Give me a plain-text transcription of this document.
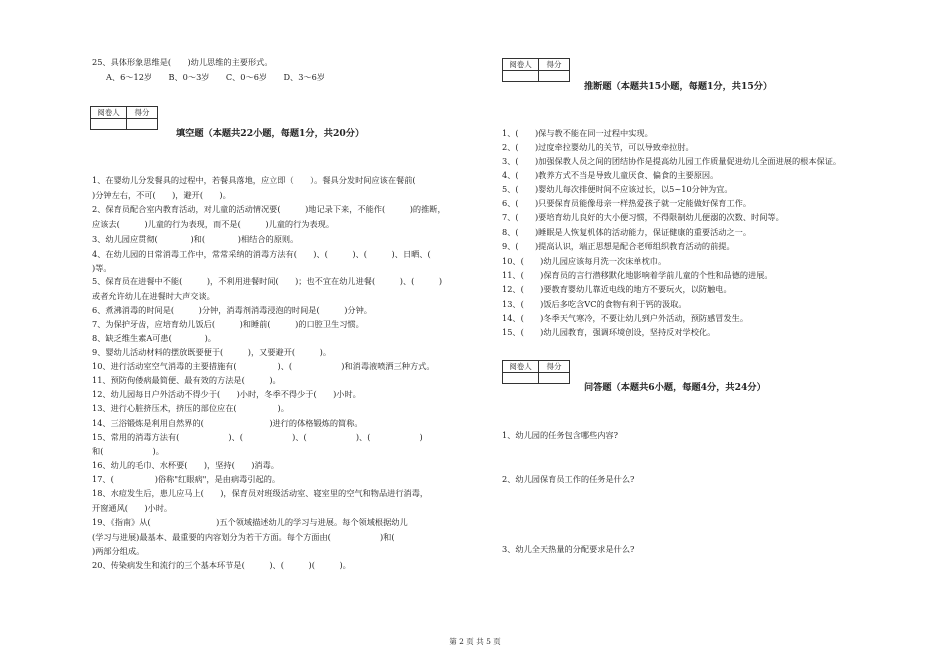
25、具体形象思维是(　　)幼儿思维的主要形式。
A、6～12岁　　B、0～3岁　　C、0～6岁　　D、3～6岁
阅卷人	得分

填空题（本题共22小题，每题1分，共20分）
1、在婴幼儿分发餐具的过程中，若餐具落地，应立即（　　）。餐具分发时间应该在餐前(　　
)分钟左右，不可(　　)，避开(　　)。
2、保育员配合室内教育活动，对儿童的活动情况要(　　　)地记录下来，不能作(　　　)的推断，
应该去(　　　)儿童的行为表现，而不是(　　　)儿童的行为表现。
3、幼儿园应贯彻(　　　　)和(　　　　)相结合的原则。
4、在幼儿园的日常消毒工作中，常常采纳的消毒方法有(　　)、(　　　)、(　　　)、日晒、(　　
)等。
5、保育员在进餐中不能(　　　)，不利用进餐时间(　　)；也不宜在幼儿进餐(　　　)、(　　　)
或者允许幼儿在进餐时大声交谈。
6、煮沸消毒的时间是(　　　)分钟，消毒剂消毒浸泡的时间是(　　　)分钟。
7、为保护牙齿，应培育幼儿饭后(　　　)和睡前(　　　)的口腔卫生习惯。
8、缺乏维生素A可患(　　　　)。
9、婴幼儿活动材料的摆放既要便于(　　　)，又要避开(　　　)。
10、进行活动室空气消毒的主要措施有(　　　　　)、(　　　　　　)和消毒液喷洒三种方式。
11、预防佝偻病最简便、最有效的方法是(　　　)。
12、幼儿园每日户外活动不得少于(　　)小时，冬季不得少于(　　)小时。
13、进行心脏挤压术，挤压的部位应在(　　　　　)。
14、三浴锻炼是利用自然界的(　　　　　　　　)进行的体格锻炼的简称。
15、常用的消毒方法有(　　　　　　)、(　　　　　　)、(　　　　　　)、(　　　　　　)
和(　　　　　　)。
16、幼儿的毛巾、水杯要(　　)，坚持(　　)消毒。
17、(　　　　　)俗称"红眼病"，是由病毒引起的。
18、水痘发生后，患儿应马上(　　)，保育员对班级活动室、寝室里的空气和物品进行消毒，
开窗通风(　　)小时。
19、《指南》从(　　　　　　　　)五个领域描述幼儿的学习与进展。每个领域根据幼儿
(学习与进展)最基本、最重要的内容划分为若干方面。每个方面由(　　　　　　)和(　　
)两部分组成。
20、传染病发生和流行的三个基本环节是(　　　)、(　　　)(　　　)。
阅卷人	得分

推断题（本题共15小题，每题1分，共15分）
1、(　　)保与教不能在同一过程中实现。
2、(　　)过度牵拉婴幼儿的关节，可以导致牵拉肘。
3、(　　)加强保教人员之间的团结协作是提高幼儿园工作质量促进幼儿全面进展的根本保证。
4、(　　)教养方式不当是导致儿童厌食、偏食的主要原因。
5、(　　)婴幼儿每次排便时间不应该过长，以5~10分钟为宜。
6、(　　)只要保育员能像母亲一样热爱孩子就一定能做好保育工作。
7、(　　)要培育幼儿良好的大小便习惯，不得限制幼儿便溺的次数、时间等。
8、(　　)睡眠是人恢复机体的活动能力，保证健康的重要活动之一。
9、(　　)提高认识，端正思想是配合老师组织教育活动的前提。
10、(　　)幼儿园应该每月洗一次床单枕巾。
11、(　　)保育员的言行潜移默化地影响着学前儿童的个性和品德的进展。
12、(　　)要教育婴幼儿靠近电线的地方不要玩火，以防触电。
13、(　　)饭后多吃含VC的食物有利于钙的汲取。
14、(　　)冬季天气寒冷，不要让幼儿到户外活动，预防感冒发生。
15、(　　)幼儿园教育，强调环境创设，坚持反对学校化。
阅卷人	得分

问答题（本题共6小题，每题4分，共24分）
1、幼儿园的任务包含哪些内容?
2、幼儿园保育员工作的任务是什么?
3、幼儿全天热量的分配要求是什么?
第 2 页 共 5 页
